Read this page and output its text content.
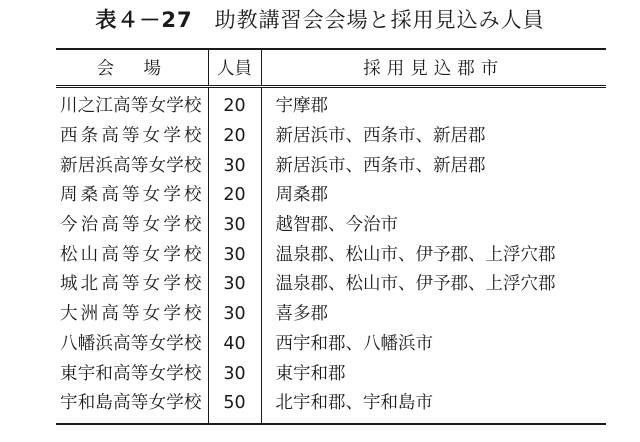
表４－27 助教講習会会場と採用見込み人員
会　場	人員	採用見込郡市
川之江高等女学校	20	宇摩郡
西条高等女学校	20	新居浜市、西条市、新居郡
新居浜高等女学校	30	新居浜市、西条市、新居郡
周桑高等女学校	20	周桑郡
今治高等女学校	30	越智郡、今治市
松山高等女学校	30	温泉郡、松山市、伊予郡、上浮穴郡
城北高等女学校	30	温泉郡、松山市、伊予郡、上浮穴郡
大洲高等女学校	30	喜多郡
八幡浜高等女学校	40	西宇和郡、八幡浜市
東宇和高等女学校	30	東宇和郡
宇和島高等女学校	50	北宇和郡、宇和島市
